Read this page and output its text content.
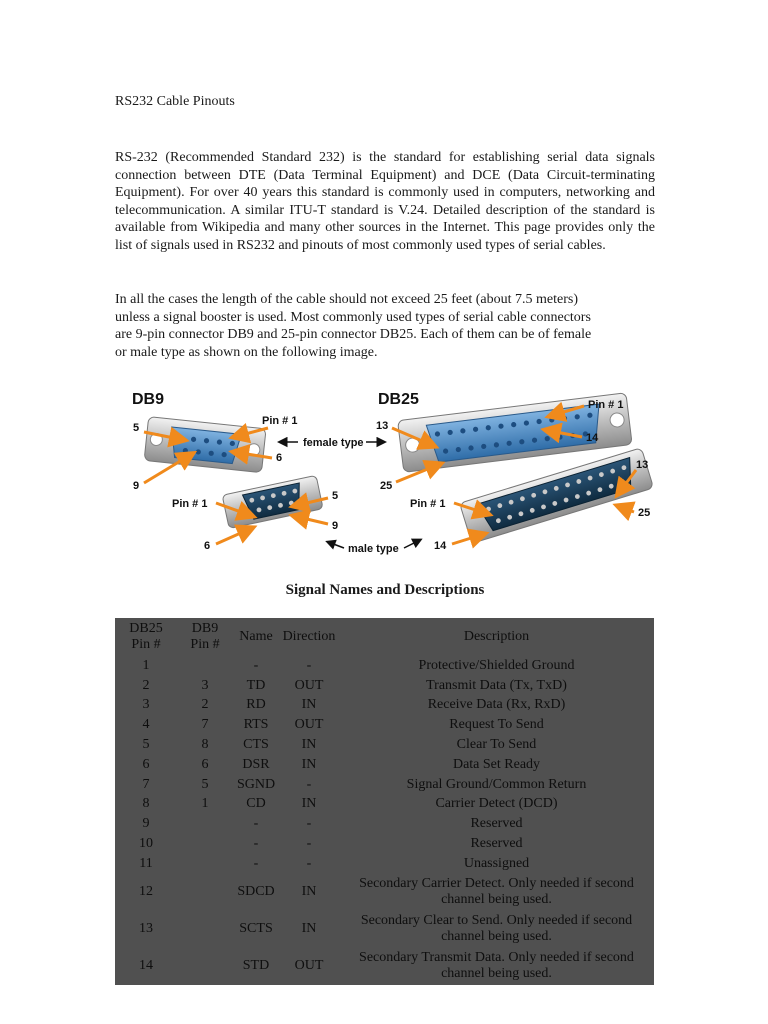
RS232 Cable Pinouts

RS-232 (Recommended Standard 232) is the standard for establishing serial data signals connection between DTE (Data Terminal Equipment) and DCE (Data Circuit-terminating Equipment). For over 40 years this standard is commonly used in computers, networking and telecommunication. A similar ITU-T standard is V.24. Detailed description of the standard is available from Wikipedia and many other sources in the Internet. This page provides only the list of signals used in RS232 and pinouts of most commonly used types of serial cables.

In all the cases the length of the cable should not exceed 25 feet (about 7.5 meters)
unless a signal booster is used. Most commonly used types of serial cable connectors
are 9-pin connector DB9 and 25-pin connector DB25. Each of them can be of female
or male type as shown on the following image.

DB9	DB25
Pin # 1
5
6
9
female type
Pin # 1
13
14
25
Pin # 1
5
9
6	male type
Pin # 1
13
25
14
Signal Names and Descriptions
DB25
Pin #	DB9
Pin #	Name	Direction	Description
1		-	-	Protective/Shielded Ground
2	3	TD	OUT	Transmit Data (Tx, TxD)
3	2	RD	IN	Receive Data (Rx, RxD)
4	7	RTS	OUT	Request To Send
5	8	CTS	IN	Clear To Send
6	6	DSR	IN	Data Set Ready
7	5	SGND	-	Signal Ground/Common Return
8	1	CD	IN	Carrier Detect (DCD)
9		-	-	Reserved
10		-	-	Reserved
11		-	-	Unassigned
12		SDCD	IN	Secondary Carrier Detect. Only needed if second
channel being used.
13		SCTS	IN	Secondary Clear to Send. Only needed if second
channel being used.
14		STD	OUT	Secondary Transmit Data. Only needed if second
channel being used.
